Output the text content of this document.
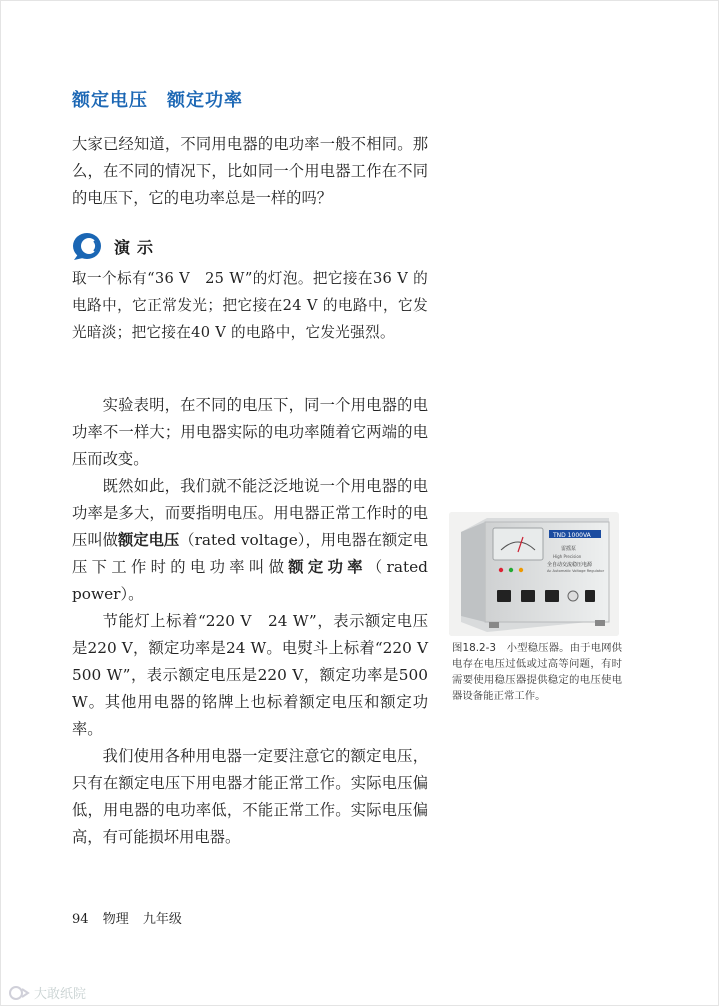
额定电压　额定功率
大家已经知道，不同用电器的电功率一般不相同。那么，在不同的情况下，比如同一个用电器工作在不同的电压下，它的电功率总是一样的吗？
演示
取一个标有“36 V　25 W”的灯泡。把它接在36 V 的电路中，它正常发光；把它接在24 V 的电路中，它发光暗淡；把它接在40 V 的电路中，它发光强烈。

实验表明，在不同的电压下，同一个用电器的电功率不一样大；用电器实际的电功率随着它两端的电压而改变。

既然如此，我们就不能泛泛地说一个用电器的电功率是多大，而要指明电压。用电器正常工作时的电压叫做额定电压（rated voltage），用电器在额定电压下工作时的电功率叫做额定功率（rated power）。

节能灯上标着“220 V　24 W”，表示额定电压是220 V，额定功率是24 W。电熨斗上标着“220 V　500 W”，表示额定电压是220 V，额定功率是500 W。其他用电器的铭牌上也标着额定电压和额定功率。

我们使用各种用电器一定要注意它的额定电压，只有在额定电压下用电器才能正常工作。实际电压偏低，用电器的电功率低，不能正常工作。实际电压偏高，有可能损坏用电器。

TND 1000VA
雷摇泵
High Precision
全自动交流稳压电源
Ac Automatic Voltage Regulator
图18.2-3　小型稳压器。由于电网供电存在电压过低或过高等问题，有时需要使用稳压器提供稳定的电压使电器设备能正常工作。
94 物理 九年级
大敢纸院
